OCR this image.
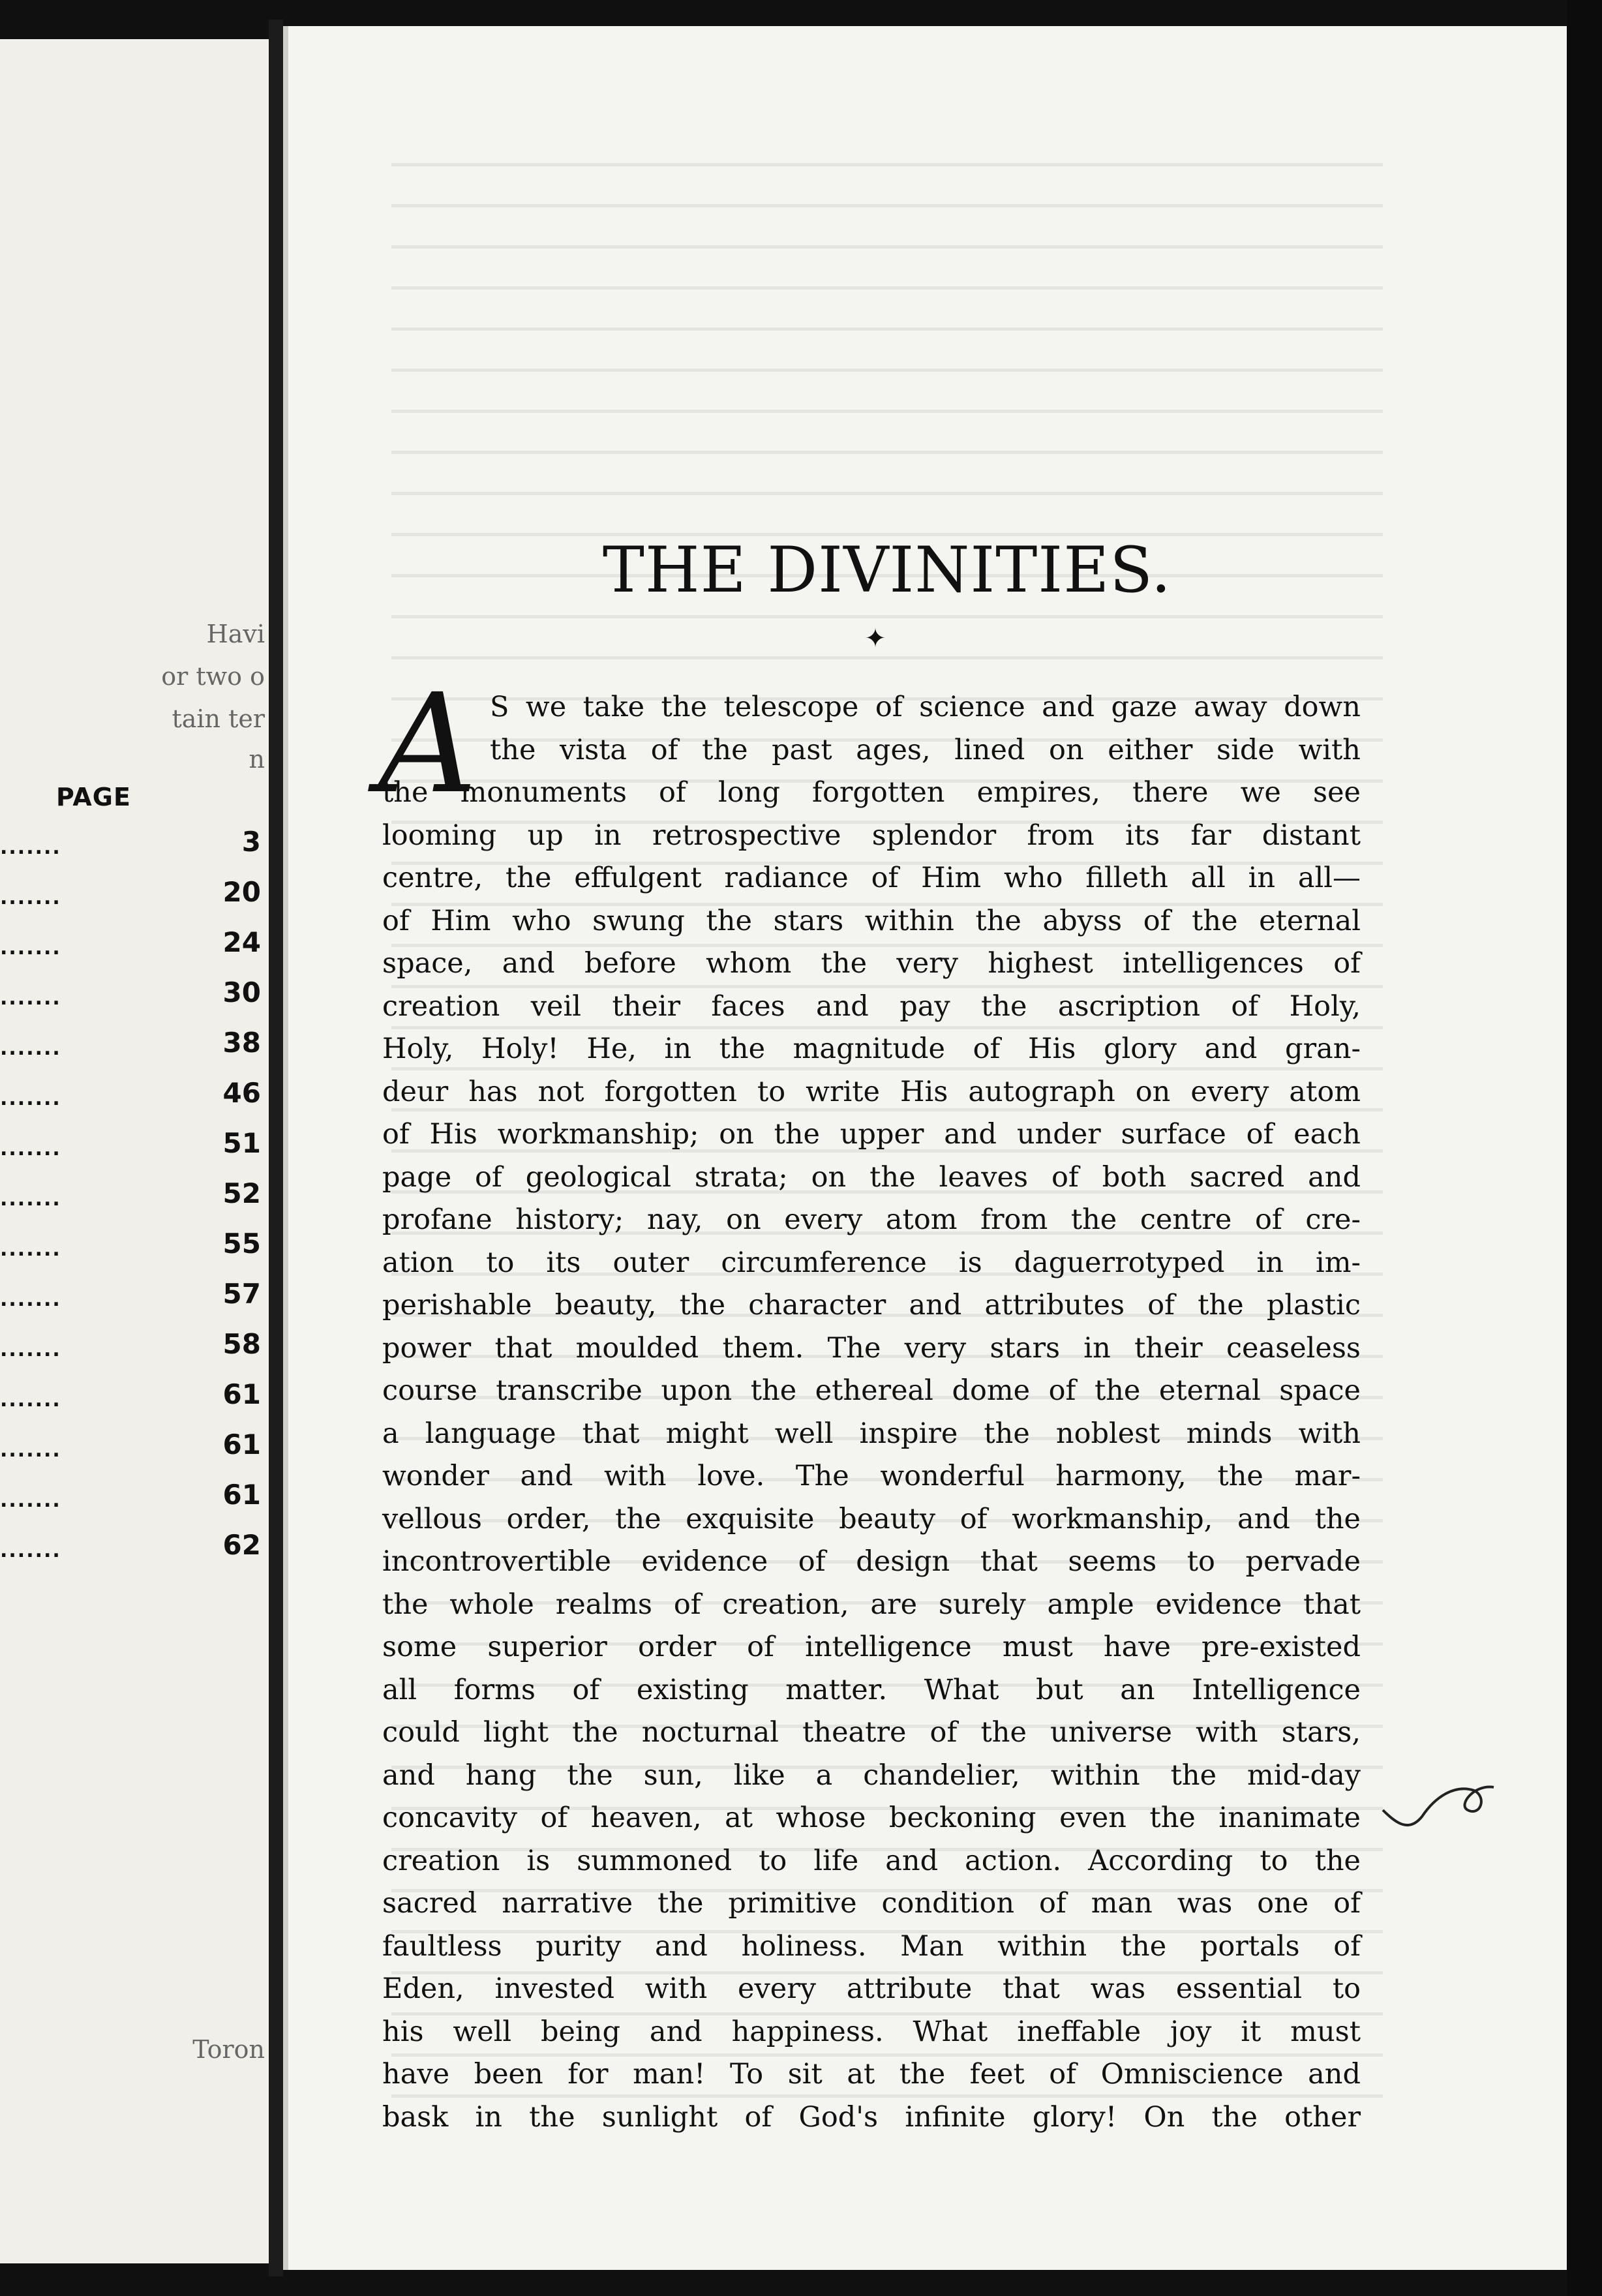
Havi
or two o
tain ter
n
Toron
PAGE
.......	3
.......	20
.......	24
.......	30
.......	38
.......	46
.......	51
.......	52
.......	55
.......	57
.......	58
.......	61
.......	61
.......	61
.......	62
THE DIVINITIES.
✦
A S we take the telescope of science and gaze away down
the vista of the past ages, lined on either side with
the monuments of long forgotten empires, there we see
looming up in retrospective splendor from its far distant
centre, the effulgent radiance of Him who filleth all in all—
of Him who swung the stars within the abyss of the eternal
space, and before whom the very highest intelligences of
creation veil their faces and pay the ascription of Holy,
Holy, Holy! He, in the magnitude of His glory and gran-
deur has not forgotten to write His autograph on every atom
of His workmanship; on the upper and under surface of each
page of geological strata; on the leaves of both sacred and
profane history; nay, on every atom from the centre of cre-
ation to its outer circumference is daguerrotyped in im-
perishable beauty, the character and attributes of the plastic
power that moulded them. The very stars in their ceaseless
course transcribe upon the ethereal dome of the eternal space
a language that might well inspire the noblest minds with
wonder and with love. The wonderful harmony, the mar-
vellous order, the exquisite beauty of workmanship, and the
incontrovertible evidence of design that seems to pervade
the whole realms of creation, are surely ample evidence that
some superior order of intelligence must have pre-existed
all forms of existing matter. What but an Intelligence
could light the nocturnal theatre of the universe with stars,
and hang the sun, like a chandelier, within the mid-day
concavity of heaven, at whose beckoning even the inanimate
creation is summoned to life and action. According to the
sacred narrative the primitive condition of man was one of
faultless purity and holiness. Man within the portals of
Eden, invested with every attribute that was essential to
his well being and happiness. What ineffable joy it must
have been for man! To sit at the feet of Omniscience and
bask in the sunlight of God's infinite glory! On the other
